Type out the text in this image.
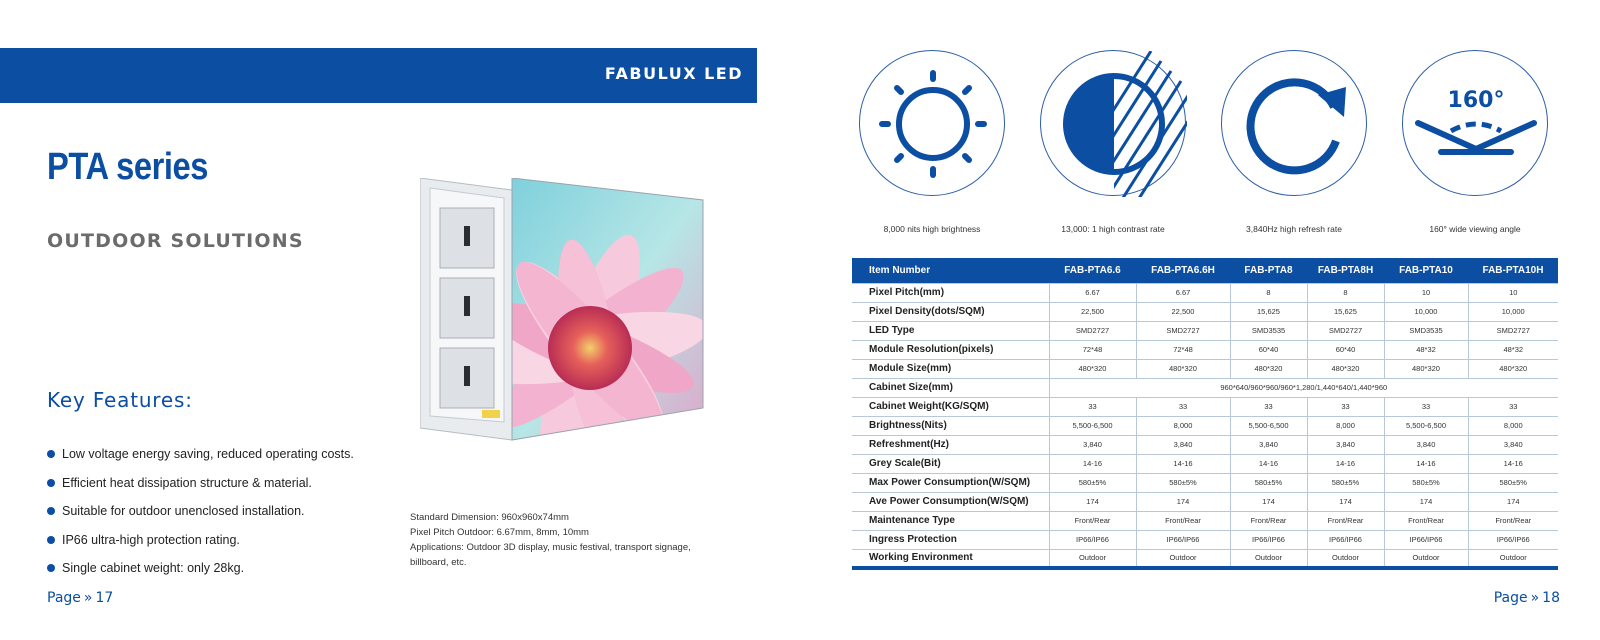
FABULUX LED
PTA series
OUTDOOR SOLUTIONS
Key Features:
Low voltage energy saving, reduced operating costs.
Efficient heat dissipation structure & material.
Suitable for outdoor unenclosed installation.
IP66 ultra-high protection rating.
Single cabinet weight: only 28kg.
Standard Dimension: 960x960x74mm
Pixel Pitch Outdoor: 6.67mm, 8mm, 10mm
Applications: Outdoor 3D display, music festival, transport signage,
billboard, etc.
Page » 17
160°
8,000 nits high brightness	13,000: 1 high contrast rate	3,840Hz high refresh rate	160° wide viewing angle
Item Number	FAB-PTA6.6	FAB-PTA6.6H	FAB-PTA8	FAB-PTA8H	FAB-PTA10	FAB-PTA10H
Pixel Pitch(mm)	6.67	6.67	8	8	10	10
Pixel Density(dots/SQM)	22,500	22,500	15,625	15,625	10,000	10,000
LED Type	SMD2727	SMD2727	SMD3535	SMD2727	SMD3535	SMD2727
Module Resolution(pixels)	72*48	72*48	60*40	60*40	48*32	48*32
Module Size(mm)	480*320	480*320	480*320	480*320	480*320	480*320
Cabinet Size(mm)	960*640/960*960/960*1,280/1,440*640/1,440*960					
Cabinet Weight(KG/SQM)	33	33	33	33	33	33
Brightness(Nits)	5,500-6,500	8,000	5,500-6,500	8,000	5,500-6,500	8,000
Refreshment(Hz)	3,840	3,840	3,840	3,840	3,840	3,840
Grey Scale(Bit)	14-16	14-16	14-16	14-16	14-16	14-16
Max Power Consumption(W/SQM)	580±5%	580±5%	580±5%	580±5%	580±5%	580±5%
Ave Power Consumption(W/SQM)	174	174	174	174	174	174
Maintenance Type	Front/Rear	Front/Rear	Front/Rear	Front/Rear	Front/Rear	Front/Rear
Ingress Protection	IP66/IP66	IP66/IP66	IP66/IP66	IP66/IP66	IP66/IP66	IP66/IP66
Working Environment	Outdoor	Outdoor	Outdoor	Outdoor	Outdoor	Outdoor
Page » 18
